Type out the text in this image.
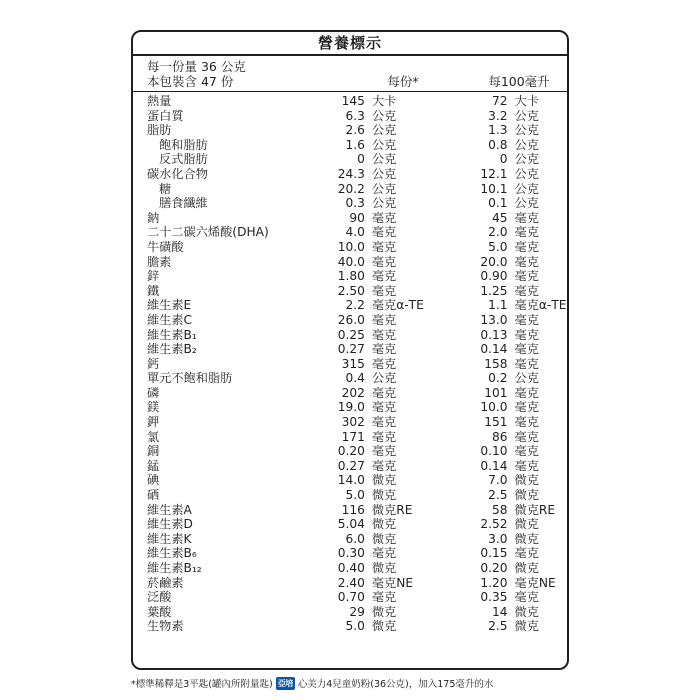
營養標示
每一份量 36 公克
本包裝含 47 份	每份*	每100毫升
熱量	145 大卡	72 大卡
蛋白質	6.3 公克	3.2 公克
脂肪	2.6 公克	1.3 公克
飽和脂肪	1.6 公克	0.8 公克
反式脂肪	0 公克	0 公克
碳水化合物	24.3 公克	12.1 公克
糖	20.2 公克	10.1 公克
膳食纖維	0.3 公克	0.1 公克
鈉	90 毫克	45 毫克
二十二碳六烯酸(DHA)	4.0 毫克	2.0 毫克
牛磺酸	10.0 毫克	5.0 毫克
膽素	40.0 毫克	20.0 毫克
鋅	1.80 毫克	0.90 毫克
鐵	2.50 毫克	1.25 毫克
維生素E	2.2 毫克α-TE	1.1 毫克α-TE
維生素C	26.0 毫克	13.0 毫克
維生素B₁	0.25 毫克	0.13 毫克
維生素B₂	0.27 毫克	0.14 毫克
鈣	315 毫克	158 毫克
單元不飽和脂肪	0.4 公克	0.2 公克
磷	202 毫克	101 毫克
鎂	19.0 毫克	10.0 毫克
鉀	302 毫克	151 毫克
氯	171 毫克	86 毫克
銅	0.20 毫克	0.10 毫克
錳	0.27 毫克	0.14 毫克
碘	14.0 微克	7.0 微克
硒	5.0 微克	2.5 微克
維生素A	116 微克RE	58 微克RE
維生素D	5.04 微克	2.52 微克
維生素K	6.0 微克	3.0 微克
維生素B₆	0.30 毫克	0.15 毫克
維生素B₁₂	0.40 微克	0.20 微克
菸鹼素	2.40 毫克NE	1.20 毫克NE
泛酸	0.70 毫克	0.35 毫克
葉酸	29 微克	14 微克
生物素	5.0 微克	2.5 微克
*標準稀釋是3平匙(罐內所附量匙) 亞培 心美力4兒童奶粉(36公克)，加入175毫升的水
